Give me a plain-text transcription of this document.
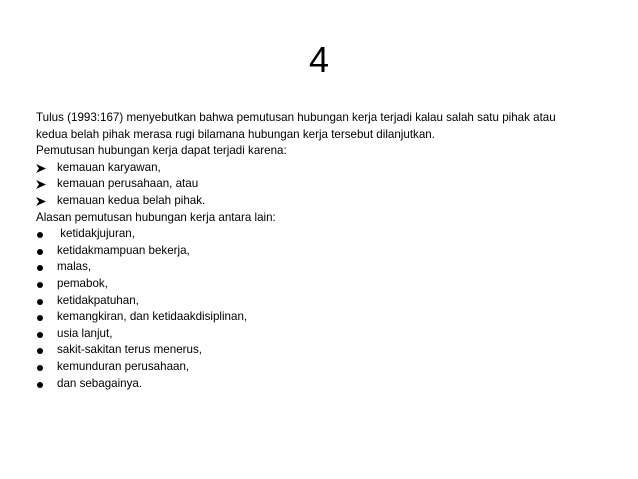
4

Tulus (1993:167) menyebutkan bahwa pemutusan hubungan kerja terjadi kalau salah satu pihak atau

kedua belah pihak merasa rugi bilamana hubungan kerja tersebut dilanjutkan.

Pemutusan hubungan kerja dapat terjadi karena:

kemauan karyawan,
kemauan perusahaan, atau
kemauan kedua belah pihak.

Alasan pemutusan hubungan kerja antara lain:

ketidakjujuran,
ketidakmampuan bekerja,
malas,
pemabok,
ketidakpatuhan,
kemangkiran, dan ketidaakdisiplinan,
usia lanjut,
sakit-sakitan terus menerus,
kemunduran perusahaan,
dan sebagainya.
